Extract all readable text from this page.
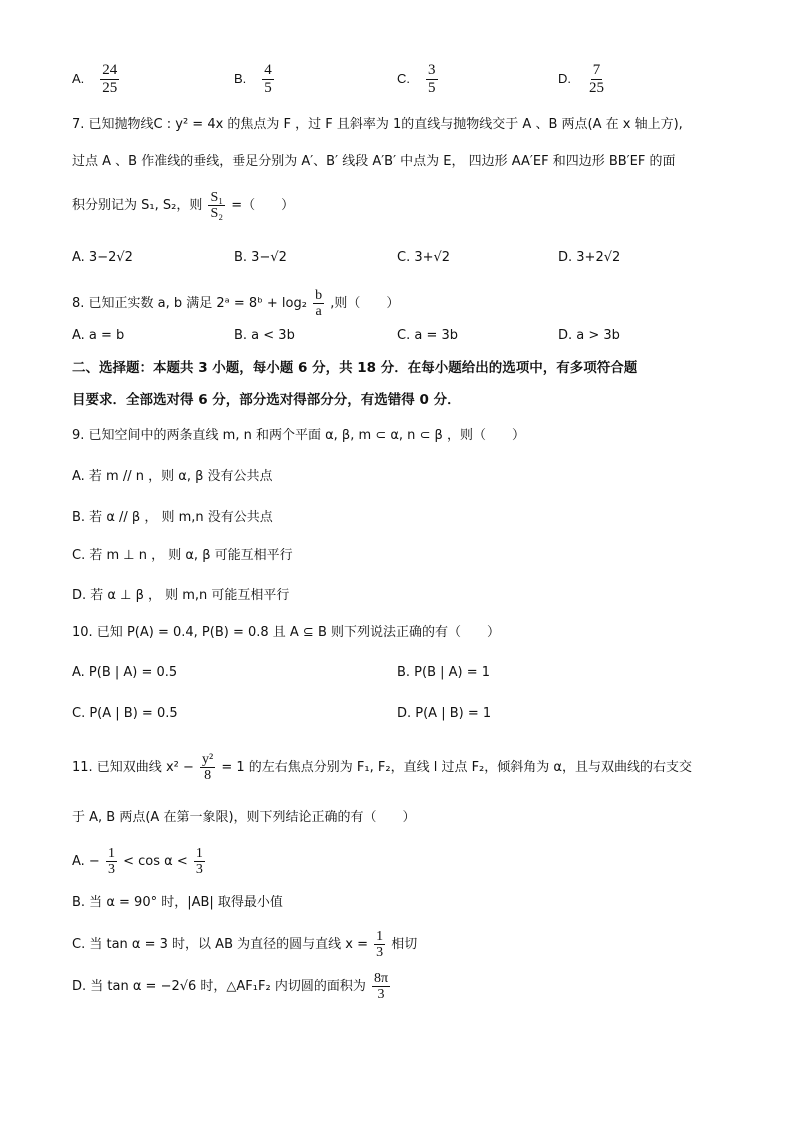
A. $\frac{24}{25}$	B. $\frac{4}{5}$	C. $\frac{3}{5}$	D. $\frac{7}{25}$
7. 已知抛物线C : y² = 4x 的焦点为 F ，过 F 且斜率为 1的直线与抛物线交于 A 、B 两点(A 在 x 轴上方),
过点 A 、B 作准线的垂线，垂足分别为 A′、B′ 线段 A′B′ 中点为 E， 四边形 AA′EF 和四边形 BB′EF 的面
积分别记为 S₁, S₂，则 $\frac{\text{S₁}}{\text{S₂}}$ =（　　）
A. 3−2√2	B. 3−√2	C. 3+√2	D. 3+2√2
8. 已知正实数 a, b 满足 2ᵃ = 8ᵇ + $\log_2 \frac{b}{a}$ ,则（　　）
A. a = b	B. a < 3b	C. a = 3b	D. a > 3b
二、选择题：本题共 3 小题，每小题 6 分，共 18 分．在每小题给出的选项中，有多项符合题
目要求．全部选对得 6 分，部分选对得部分分，有选错得 0 分．
9. 已知空间中的两条直线 m, n 和两个平面 α, β, m ⊂ α, n ⊂ β ，则（　　）
A. 若 m // n ，则 α, β 没有公共点
B. 若 α // β ， 则 m,n 没有公共点
C. 若 m ⊥ n ， 则 α, β 可能互相平行
D. 若 α ⊥ β ， 则 m,n 可能互相平行
10. 已知 P(A) = 0.4, P(B) = 0.8 且 A ⊆ B 则下列说法正确的有（　　）
A. P(B | A) = 0.5	B. P(B | A) = 1
C. P(A | B) = 0.5	D. P(A | B) = 1
11. 已知双曲线 $x^2 - \frac{\text{y²}}{8} = 1$ 的左右焦点分别为 F₁, F₂，直线 l 过点 F₂，倾斜角为 α，且与双曲线的右支交
于 A, B 两点(A 在第一象限)，则下列结论正确的有（　　）
A. − $\frac{1}{3} < \cos \alpha < \frac{1}{3}$
B. 当 α = 90° 时，|AB| 取得最小值
C. 当 tan α = 3 时，以 AB 为直径的圆与直线 $x = \frac{1}{3}$ 相切
D. 当 tan α = −2√6 时，△AF₁F₂ 内切圆的面积为 $\frac{8\pi}{3}$
